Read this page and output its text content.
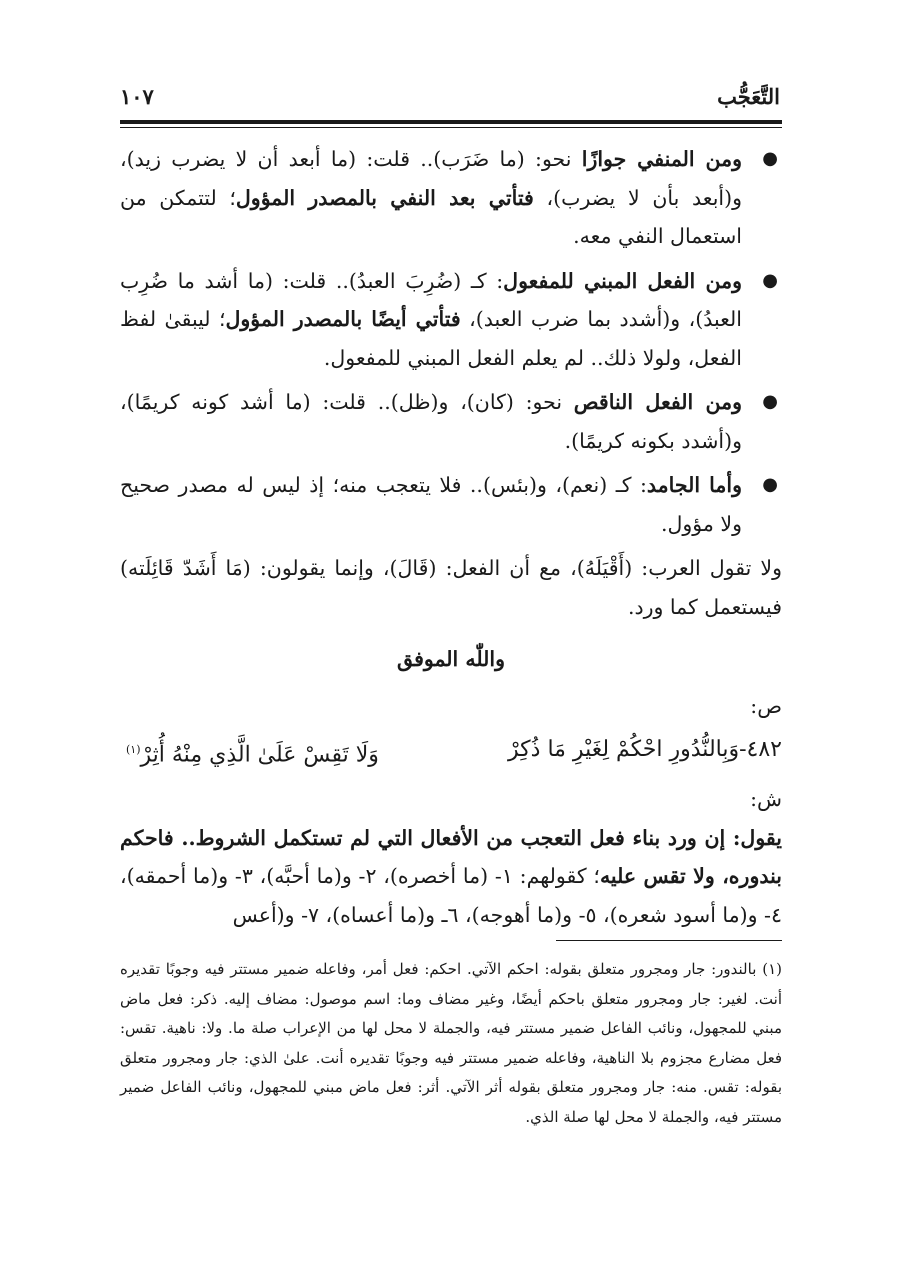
التَّعَجُّب
١٠٧
●
ومن المنفي جوازًا نحو: (ما ضَرَب).. قلت: (ما أبعد أن لا يضرب زيد)، و(أبعد بأن لا يضرب)، فتأتي بعد النفي بالمصدر المؤول؛ لتتمكن من استعمال النفي معه.
●
ومن الفعل المبني للمفعول: كـ (ضُرِبَ العبدُ).. قلت: (ما أشد ما ضُرِب العبدُ)، و(أشدد بما ضرب العبد)، فتأتي أيضًا بالمصدر المؤول؛ ليبقىٰ لفظ الفعل، ولولا ذلك.. لم يعلم الفعل المبني للمفعول.
●
ومن الفعل الناقص نحو: (كان)، و(ظل).. قلت: (ما أشد كونه كريمًا)، و(أشدد بكونه كريمًا).
●
وأما الجامد: كـ (نعم)، و(بئس).. فلا يتعجب منه؛ إذ ليس له مصدر صحيح ولا مؤول.

ولا تقول العرب: (أَقْيَلَهُ)، مع أن الفعل: (قَالَ)، وإنما يقولون: (مَا أَشَدّ قَائِلَته) فيستعمل كما ورد.

واللّٰه الموفق
ص:
٤٨٢-وَبِالنُّدُورِ احْكُمْ لِغَيْرِ مَا ذُكِرْ
وَلَا تَقِسْ عَلَىٰ الَّذِي مِنْهُ أُثِرْ$^{(١)}$
ش:

يقول: إن ورد بناء فعل التعجب من الأفعال التي لم تستكمل الشروط.. فاحكم بندوره، ولا تقس عليه؛ كقولهم: ١- (ما أخصره)، ٢- و(ما أحبَّه)، ٣- و(ما أحمقه)، ٤- و(ما أسود شعره)، ٥- و(ما أهوجه)، ٦ـ و(ما أعساه)، ٧- و(أعس

(١) بالندور: جار ومجرور متعلق بقوله: احكم الآتي. احكم: فعل أمر، وفاعله ضمير مستتر فيه وجوبًا تقديره أنت. لغير: جار ومجرور متعلق باحكم أيضًا، وغير مضاف وما: اسم موصول: مضاف إليه. ذكر: فعل ماض مبني للمجهول، ونائب الفاعل ضمير مستتر فيه، والجملة لا محل لها من الإعراب صلة ما. ولا: ناهية. تقس: فعل مضارع مجزوم بلا الناهية، وفاعله ضمير مستتر فيه وجوبًا تقديره أنت. علىٰ الذي: جار ومجرور متعلق بقوله: تقس. منه: جار ومجرور متعلق بقوله أثر الآتي. أثر: فعل ماض مبني للمجهول، ونائب الفاعل ضمير مستتر فيه، والجملة لا محل لها صلة الذي.
